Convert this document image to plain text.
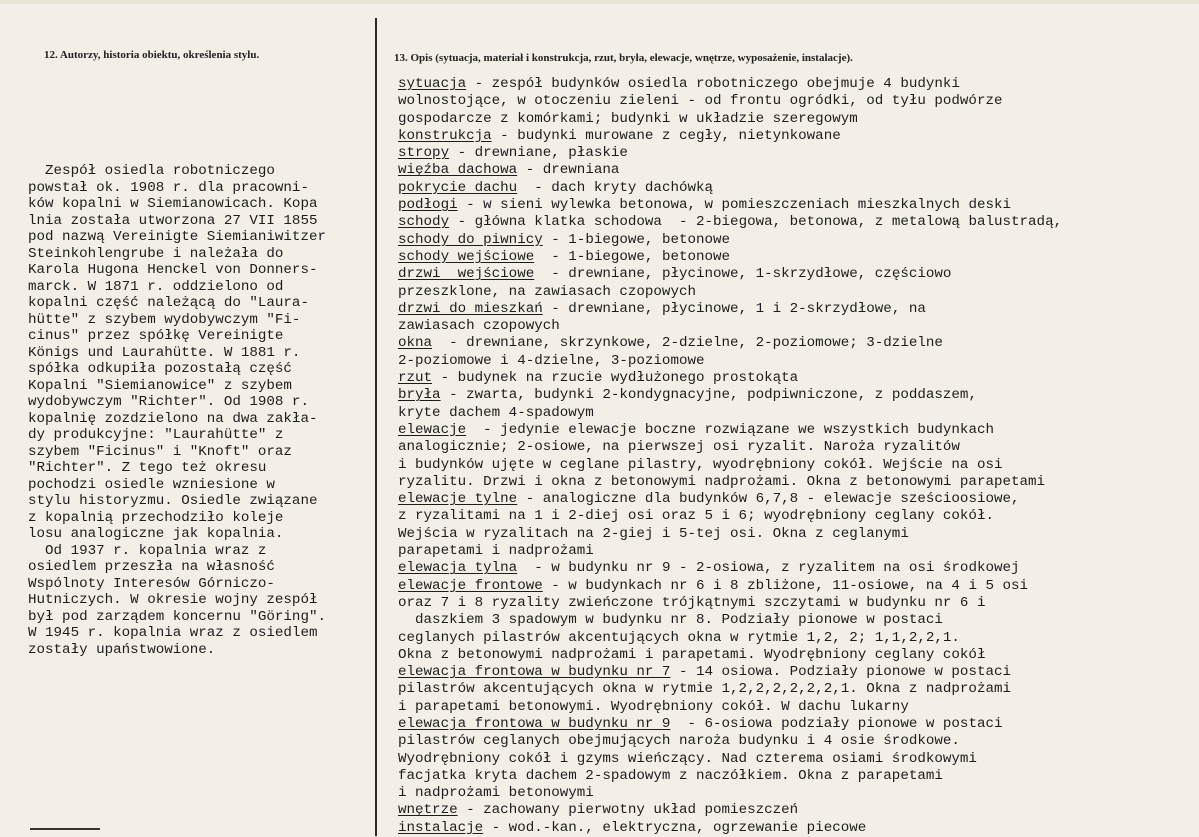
12. Autorzy, historia obiektu, określenia stylu.	13. Opis (sytuacja, materiał i konstrukcja, rzut, bryła, elewacje, wnętrze, wyposażenie, instalacje).
Zespół osiedla robotniczego
powstał ok. 1908 r. dla pracowni-
ków kopalni w Siemianowicach. Kopa
lnia została utworzona 27 VII 1855
pod nazwą Vereinigte Siemianiwitzer
Steinkohlengrube i należała do
Karola Hugona Henckel von Donners-
marck. W 1871 r. oddzielono od
kopalni część należącą do "Laura-
hütte" z szybem wydobywczym "Fi-
cinus" przez spółkę Vereinigte
Königs und Laurahütte. W 1881 r.
spółka odkupiła pozostałą część
Kopalni "Siemianowice" z szybem
wydobywczym "Richter". Od 1908 r.
kopalnię zozdzielono na dwa zakła-
dy produkcyjne: "Laurahütte" z
szybem "Ficinus" i "Knoft" oraz
"Richter". Z tego też okresu
pochodzi osiedle wzniesione w
stylu historyzmu. Osiedle związane
z kopalnią przechodziło koleje
losu analogiczne jak kopalnia.
Od 1937 r. kopalnia wraz z
osiedlem przeszła na własność
Wspólnoty Interesów Górniczo-
Hutniczych. W okresie wojny zespół
był pod zarządem koncernu "Göring".
W 1945 r. kopalnia wraz z osiedlem
zostały upaństwowione.
sytuacja - zespół budynków osiedla robotniczego obejmuje 4 budynki
wolnostojące, w otoczeniu zieleni - od frontu ogródki, od tyłu podwórze
gospodarcze z komórkami; budynki w układzie szeregowym
konstrukcja - budynki murowane z cegły, nietynkowane
stropy - drewniane, płaskie
więźba dachowa - drewniana
pokrycie dachu  - dach kryty dachówką
podłogi - w sieni wylewka betonowa, w pomieszczeniach mieszkalnych deski
schody - główna klatka schodowa  - 2-biegowa, betonowa, z metalową balustradą,
schody do piwnicy - 1-biegowe, betonowe
schody wejściowe  - 1-biegowe, betonowe
drzwi  wejściowe  - drewniane, płycinowe, 1-skrzydłowe, częściowo
przeszklone, na zawiasach czopowych
drzwi do mieszkań - drewniane, płycinowe, 1 i 2-skrzydłowe, na
zawiasach czopowych
okna  - drewniane, skrzynkowe, 2-dzielne, 2-poziomowe; 3-dzielne
2-poziomowe i 4-dzielne, 3-poziomowe
rzut - budynek na rzucie wydłużonego prostokąta
bryła - zwarta, budynki 2-kondygnacyjne, podpiwniczone, z poddaszem,
kryte dachem 4-spadowym
elewacje  - jedynie elewacje boczne rozwiązane we wszystkich budynkach
analogicznie; 2-osiowe, na pierwszej osi ryzalit. Naroża ryzalitów
i budynków ujęte w ceglane pilastry, wyodrębniony cokół. Wejście na osi
ryzalitu. Drzwi i okna z betonowymi nadprożami. Okna z betonowymi parapetami
elewacje tylne - analogiczne dla budynków 6,7,8 - elewacje sześcioosiowe,
z ryzalitami na 1 i 2-diej osi oraz 5 i 6; wyodrębniony ceglany cokół.
Wejścia w ryzalitach na 2-giej i 5-tej osi. Okna z ceglanymi
parapetami i nadprożami
elewacja tylna  - w budynku nr 9 - 2-osiowa, z ryzalitem na osi środkowej
elewacje frontowe - w budynkach nr 6 i 8 zbliżone, 11-osiowe, na 4 i 5 osi
oraz 7 i 8 ryzality zwieńczone trójkątnymi szczytami w budynku nr 6 i
daszkiem 3 spadowym w budynku nr 8. Podziały pionowe w postaci
ceglanych pilastrów akcentujących okna w rytmie 1,2, 2; 1,1,2,2,1.
Okna z betonowymi nadprożami i parapetami. Wyodrębniony ceglany cokół
elewacja frontowa w budynku nr 7 - 14 osiowa. Podziały pionowe w postaci
pilastrów akcentujących okna w rytmie 1,2,2,2,2,2,2,1. Okna z nadprożami
i parapetami betonowymi. Wyodrębniony cokół. W dachu lukarny
elewacja frontowa w budynku nr 9  - 6-osiowa podziały pionowe w postaci
pilastrów ceglanych obejmujących naroża budynku i 4 osie środkowe.
Wyodrębniony cokół i gzyms wieńczący. Nad czterema osiami środkowymi
facjatka kryta dachem 2-spadowym z naczółkiem. Okna z parapetami
i nadprożami betonowymi
wnętrze - zachowany pierwotny układ pomieszczeń
instalacje - wod.-kan., elektryczna, ogrzewanie piecowe
